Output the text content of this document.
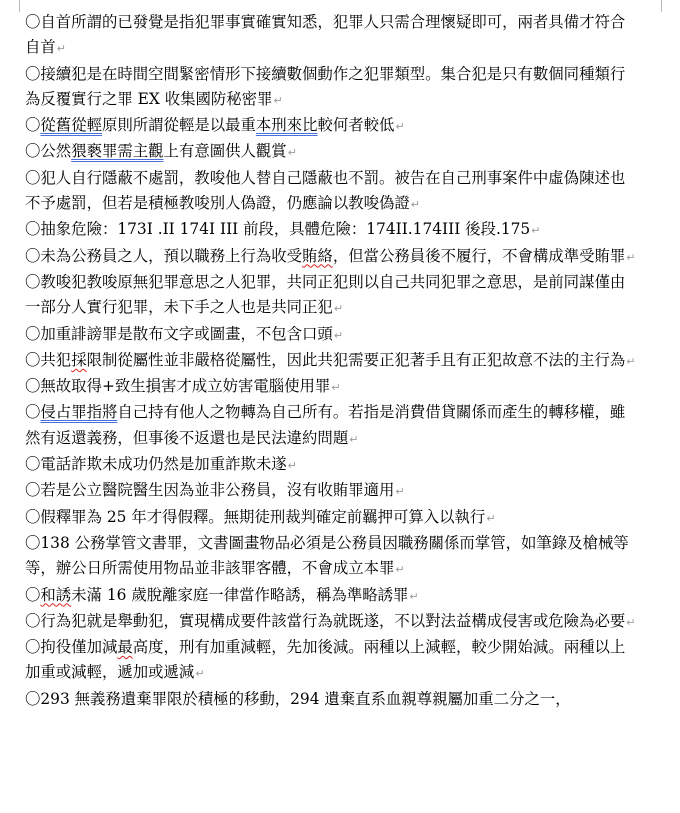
〇自首所謂的已發覺是指犯罪事實確實知悉，犯罪人只需合理懷疑即可，兩者具備才符合自首↵

〇接續犯是在時間空間緊密情形下接續數個動作之犯罪類型。集合犯是只有數個同種類行為反覆實行之罪 EX 收集國防秘密罪↵

〇從舊從輕原則所謂從輕是以最重本刑來比較何者較低↵

〇公然猥褻罪需主觀上有意圖供人觀賞↵

〇犯人自行隱蔽不處罰，教唆他人替自己隱蔽也不罰。被告在自己刑事案件中虛偽陳述也不予處罰，但若是積極教唆別人偽證，仍應論以教唆偽證↵

〇抽象危險：173I .II 174I III 前段，具體危險：174II.174III 後段.175↵

〇未為公務員之人，預以職務上行為收受賄絡，但當公務員後不履行，不會構成準受賄罪↵

〇教唆犯教唆原無犯罪意思之人犯罪，共同正犯則以自己共同犯罪之意思，是前同謀僅由一部分人實行犯罪，未下手之人也是共同正犯↵

〇加重誹謗罪是散布文字或圖畫，不包含口頭↵

〇共犯採限制從屬性並非嚴格從屬性，因此共犯需要正犯著手且有正犯故意不法的主行為↵

〇無故取得+致生損害才成立妨害電腦使用罪↵

〇侵占罪指將自己持有他人之物轉為自己所有。若指是消費借貸關係而產生的轉移權，雖然有返還義務，但事後不返還也是民法違約問題↵

〇電話詐欺未成功仍然是加重詐欺未遂↵

〇若是公立醫院醫生因為並非公務員，沒有收賄罪適用↵

〇假釋罪為 25 年才得假釋。無期徒刑裁判確定前羈押可算入以執行↵

〇138 公務掌管文書罪，文書圖畫物品必須是公務員因職務關係而掌管，如筆錄及槍械等等，辦公日所需使用物品並非該罪客體，不會成立本罪↵

〇和誘未滿 16 歲脫離家庭一律當作略誘，稱為準略誘罪↵

〇行為犯就是舉動犯，實現構成要件該當行為就既遂，不以對法益構成侵害或危險為必要↵

〇拘役僅加減最高度，刑有加重減輕，先加後減。兩種以上減輕，較少開始減。兩種以上加重或減輕，遞加或遞減↵

〇293 無義務遺棄罪限於積極的移動，294 遺棄直系血親尊親屬加重二分之一，
